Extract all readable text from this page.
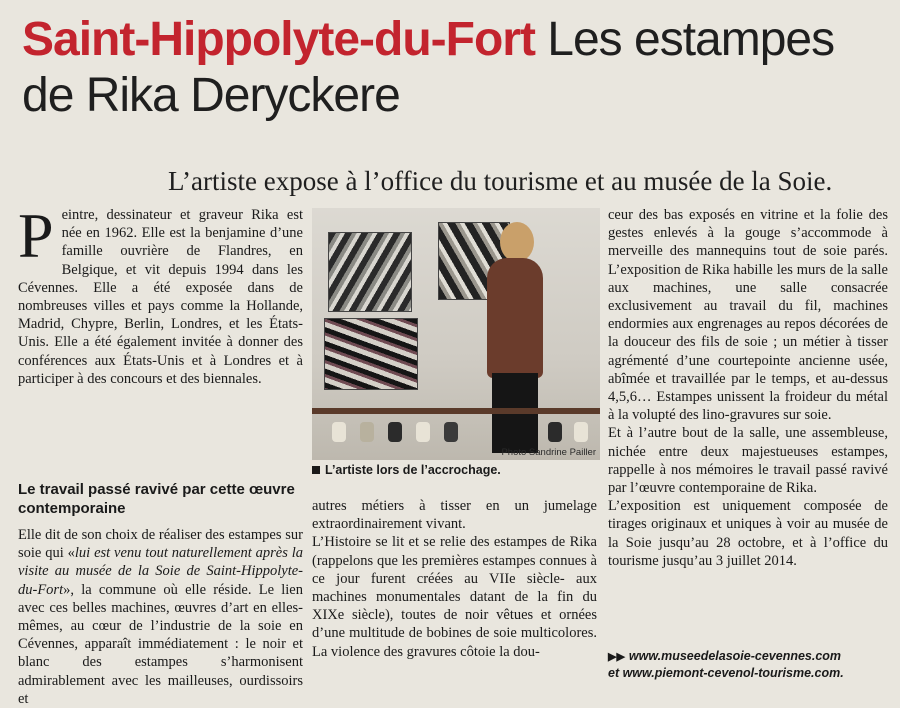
Saint-Hippolyte-du-Fort Les estampes de Rika Deryckere
L’artiste expose à l’office du tourisme et au musée de la Soie.

Peintre, dessinateur et graveur Rika est née en 1962. Elle est la benjamine d’une famille ouvrière de Flandres, en Belgique, et vit depuis 1994 dans les Cévennes. Elle a été exposée dans de nombreuses villes et pays comme la Hollande, Madrid, Chypre, Berlin, Londres, et les États-Unis. Elle a été également invitée à donner des conférences aux États-Unis et à Londres et à participer à des concours et des biennales.

Le travail passé ravivé par cette œuvre contemporaine

Elle dit de son choix de réaliser des estampes sur soie qui «lui est venu tout naturellement après la visite au musée de la Soie de Saint-Hippolyte-du-Fort», la commune où elle réside. Le lien avec ces belles machines, œuvres d’art en elles-mêmes, au cœur de l’industrie de la soie en Cévennes, apparaît immédiatement : le noir et blanc des estampes s’harmonisent admirablement avec les mailleuses, ourdissoirs et

Photo Sandrine Pailler
L’artiste lors de l’accrochage.

autres métiers à tisser en un jumelage extraordinairement vivant.

L’Histoire se lit et se relie des estampes de Rika (rappelons que les premières estampes connues à ce jour furent créées au VIIe siècle- aux machines monumentales datant de la fin du XIXe siècle), toutes de noir vêtues et ornées d’une multitude de bobines de soie multicolores. La violence des gravures côtoie la dou-

ceur des bas exposés en vitrine et la folie des gestes enlevés à la gouge s’accommode à merveille des mannequins tout de soie parés. L’exposition de Rika habille les murs de la salle aux machines, une salle consacrée exclusivement au travail du fil, machines endormies aux engrenages au repos décorées de la douceur des fils de soie ; un métier à tisser agrémenté d’une courtepointe ancienne usée, abîmée et travaillée par le temps, et au-dessus 4,5,6… Estampes unissent la froideur du métal à la volupté des lino-gravures sur soie.

Et à l’autre bout de la salle, une assembleuse, nichée entre deux majestueuses estampes, rappelle à nos mémoires le travail passé ravivé par l’œuvre contemporaine de Rika.

L’exposition est uniquement composée de tirages originaux et uniques à voir au musée de la Soie jusqu’au 28 octobre, et à l’office du tourisme jusqu’au 3 juillet 2014.

▶▶ www.museedelasoie-cevennes.com
et www.piemont-cevenol-tourisme.com.
